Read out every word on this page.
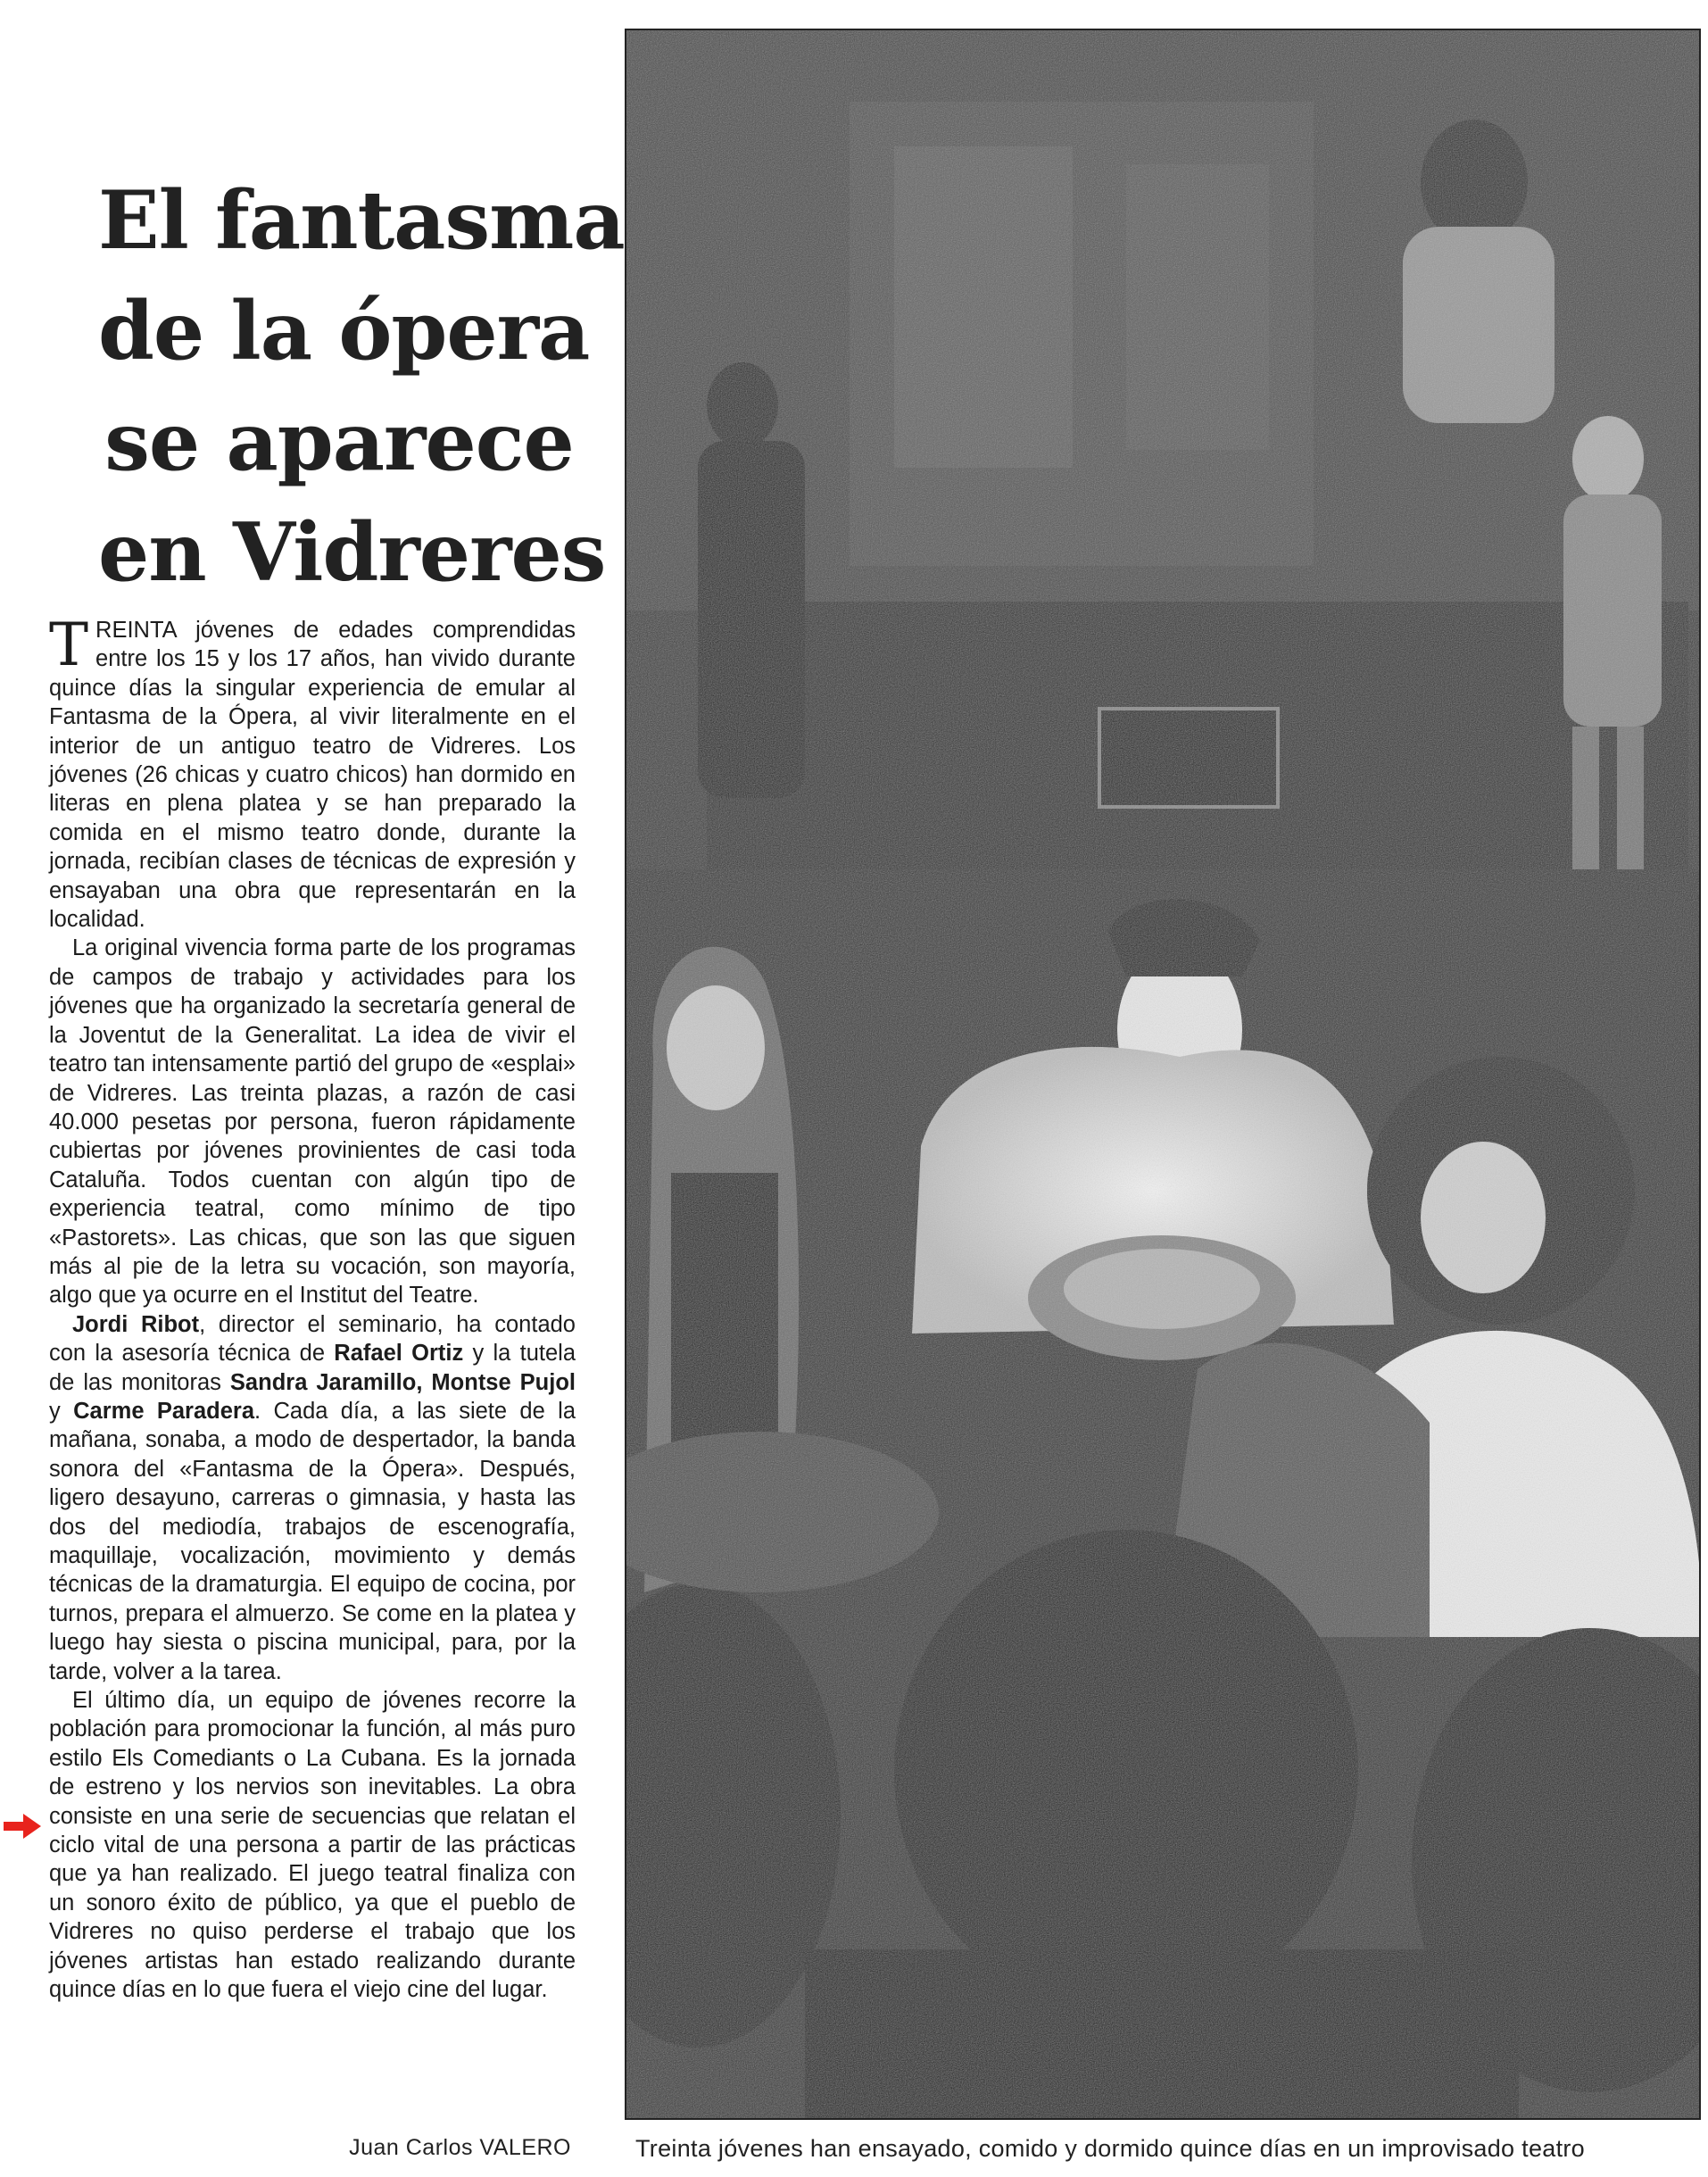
El fantasma
de la ópera
se aparece
en Vidreres

TREINTA jóvenes de edades comprendidas entre los 15 y los 17 años, han vivido durante quince días la singular experiencia de emular al Fantasma de la Ópera, al vivir literalmente en el interior de un antiguo teatro de Vidreres. Los jóvenes (26 chicas y cuatro chicos) han dormido en literas en plena platea y se han preparado la comida en el mismo teatro donde, durante la jornada, recibían clases de técnicas de expresión y ensayaban una obra que representarán en la localidad.

La original vivencia forma parte de los programas de campos de trabajo y actividades para los jóvenes que ha organizado la secretaría general de la Joventut de la Generalitat. La idea de vivir el teatro tan intensamente partió del grupo de «esplai» de Vidreres. Las treinta plazas, a razón de casi 40.000 pesetas por persona, fueron rápidamente cubiertas por jóvenes provinientes de casi toda Cataluña. Todos cuentan con algún tipo de experiencia teatral, como mínimo de tipo «Pastorets». Las chicas, que son las que siguen más al pie de la letra su vocación, son mayoría, algo que ya ocurre en el Institut del Teatre.

Jordi Ribot, director el seminario, ha contado con la asesoría técnica de Rafael Ortiz y la tutela de las monitoras Sandra Jaramillo, Montse Pujol y Carme Paradera. Cada día, a las siete de la mañana, sonaba, a modo de despertador, la banda sonora del «Fantasma de la Ópera». Después, ligero desayuno, carreras o gimnasia, y hasta las dos del mediodía, trabajos de escenografía, maquillaje, vocalización, movimiento y demás técnicas de la dramaturgia. El equipo de cocina, por turnos, prepara el almuerzo. Se come en la platea y luego hay siesta o piscina municipal, para, por la tarde, volver a la tarea.

El último día, un equipo de jóvenes recorre la población para promocionar la función, al más puro estilo Els Comediants o La Cubana. Es la jornada de estreno y los nervios son inevitables. La obra consiste en una serie de secuencias que relatan el ciclo vital de una persona a partir de las prácticas que ya han realizado. El juego teatral finaliza con un sonoro éxito de público, ya que el pueblo de Vidreres no quiso perderse el trabajo que los jóvenes artistas han estado realizando durante quince días en lo que fuera el viejo cine del lugar.

Juan Carlos VALERO	Treinta jóvenes han ensayado, comido y dormido quince días en un improvisado teatro
